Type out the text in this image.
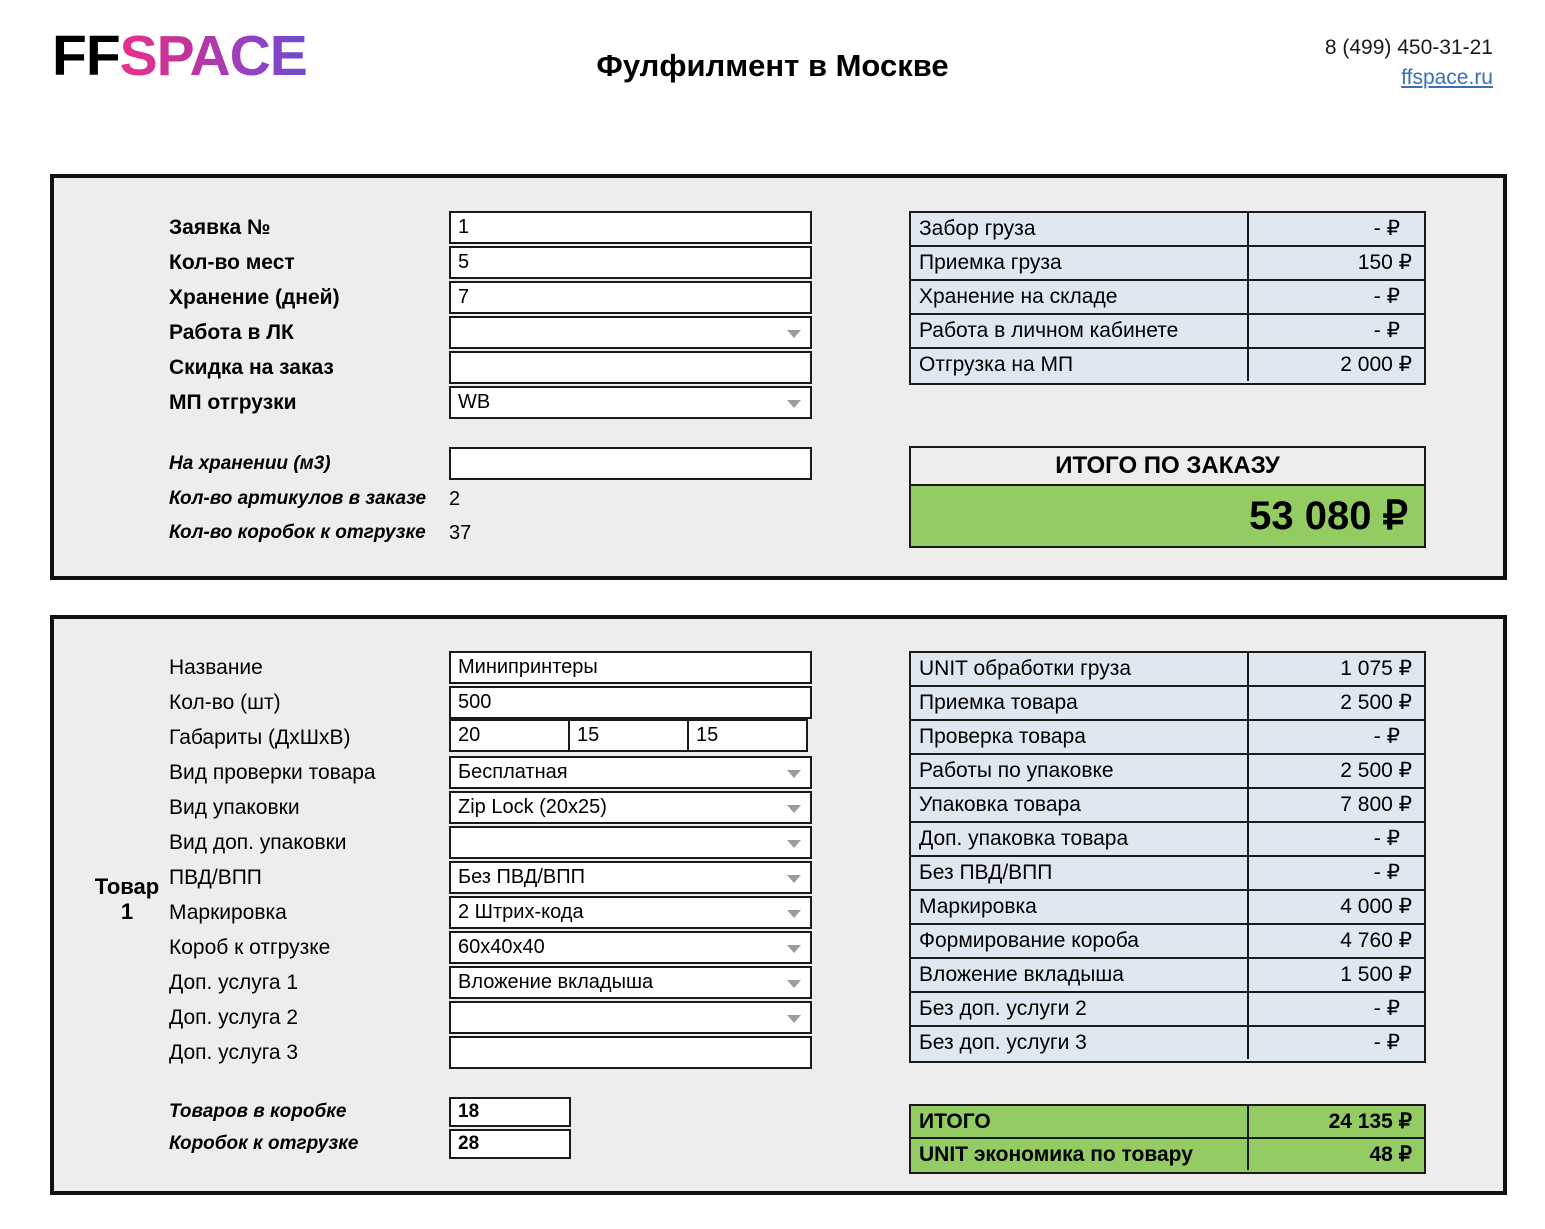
FFSPACE	Фулфилмент в Москве
8 (499) 450-31-21
ffspace.ru
Заявка №	1
Кол-во мест	5
Хранение (дней)	7
Работа в ЛК
Скидка на заказ
МП отгрузки	WB
На хранении (м3)
Кол-во артикулов в заказе	2
Кол-во коробок к отгрузке	37
Забор груза	- ₽
Приемка груза	150 ₽
Хранение на складе	- ₽
Работа в личном кабинете	- ₽
Отгрузка на МП	2 000 ₽
ИТОГО ПО ЗАКАЗУ
53 080 ₽
Товар
1
Название	Минипринтеры
Кол-во (шт)	500
Габариты (ДхШхВ)	20	15	15
Вид проверки товара	Бесплатная
Вид упаковки	Zip Lock (20x25)
Вид доп. упаковки
ПВД/ВПП	Без ПВД/ВПП
Маркировка	2 Штрих-кода
Короб к отгрузке	60x40x40
Доп. услуга 1	Вложение вкладыша
Доп. услуга 2
Доп. услуга 3
Товаров в коробке	18
Коробок к отгрузке	28
UNIT обработки груза	1 075 ₽
Приемка товара	2 500 ₽
Проверка товара	- ₽
Работы по упаковке	2 500 ₽
Упаковка товара	7 800 ₽
Доп. упаковка товара	- ₽
Без ПВД/ВПП	- ₽
Маркировка	4 000 ₽
Формирование короба	4 760 ₽
Вложение вкладыша	1 500 ₽
Без доп. услуги 2	- ₽
Без доп. услуги 3	- ₽
ИТОГО	24 135 ₽
UNIT экономика по товару	48 ₽
